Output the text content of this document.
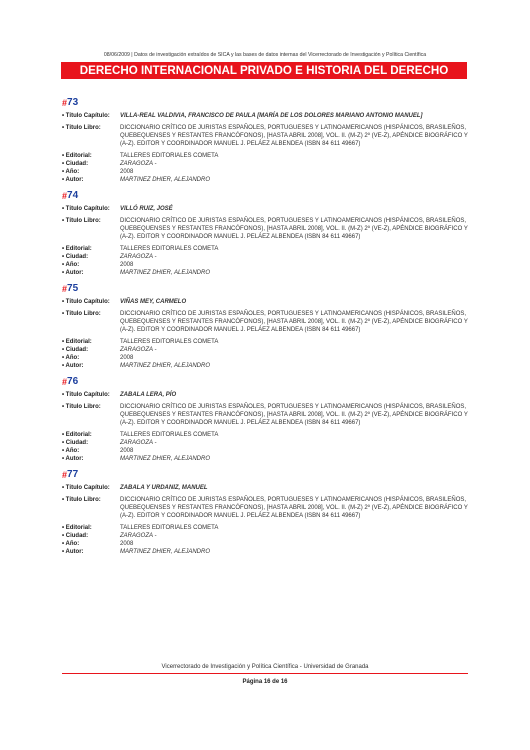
08/06/2009 | Datos de investigación extraídos de SICA y las bases de datos internas del Vicerrectorado de Investigación y Política Científica
DERECHO INTERNACIONAL PRIVADO E HISTORIA DEL DERECHO
# 73
• Título Capítulo:	VILLA-REAL VALDIVIA, FRANCISCO DE PAULA [MARÍA DE LOS DOLORES MARIANO ANTONIO MANUEL]
• Título Libro:	DICCIONARIO CRÍTICO DE JURISTAS ESPAÑOLES, PORTUGUESES Y LATINOAMERICANOS (HISPÁNICOS, BRASILEÑOS, QUEBEQUENSES Y RESTANTES FRANCÓFONOS), [HASTA ABRIL 2008], VOL. II. (M-Z) 2º (VE-Z), APÉNDICE BIOGRÁFICO Y (A-Z). EDITOR Y COORDINADOR MANUEL J. PELÁEZ ALBENDEA (ISBN 84 611 49667)
• Editorial:	TALLERES EDITORIALES COMETA
• Ciudad:	ZARAGOZA -
• Año:	2008
• Autor:	MARTINEZ DHIER, ALEJANDRO
# 74
• Título Capítulo:	VILLÓ RUIZ, JOSÉ
• Título Libro:	DICCIONARIO CRÍTICO DE JURISTAS ESPAÑOLES, PORTUGUESES Y LATINOAMERICANOS (HISPÁNICOS, BRASILEÑOS, QUEBEQUENSES Y RESTANTES FRANCÓFONOS), [HASTA ABRIL 2008], VOL. II. (M-Z) 2º (VE-Z), APÉNDICE BIOGRÁFICO Y (A-Z). EDITOR Y COORDINADOR MANUEL J. PELÁEZ ALBENDEA (ISBN 84 611 49667)
• Editorial:	TALLERES EDITORIALES COMETA
• Ciudad:	ZARAGOZA -
• Año:	2008
• Autor:	MARTINEZ DHIER, ALEJANDRO
# 75
• Título Capítulo:	VIÑAS MEY, CARMELO
• Título Libro:	DICCIONARIO CRÍTICO DE JURISTAS ESPAÑOLES, PORTUGUESES Y LATINOAMERICANOS (HISPÁNICOS, BRASILEÑOS, QUEBEQUENSES Y RESTANTES FRANCÓFONOS), [HASTA ABRIL 2008], VOL. II. (M-Z) 2º (VE-Z), APÉNDICE BIOGRÁFICO Y (A-Z). EDITOR Y COORDINADOR MANUEL J. PELÁEZ ALBENDEA (ISBN 84 611 49667)
• Editorial:	TALLERES EDITORIALES COMETA
• Ciudad:	ZARAGOZA -
• Año:	2008
• Autor:	MARTINEZ DHIER, ALEJANDRO
# 76
• Título Capítulo:	ZABALA LERA, PÍO
• Título Libro:	DICCIONARIO CRÍTICO DE JURISTAS ESPAÑOLES, PORTUGUESES Y LATINOAMERICANOS (HISPÁNICOS, BRASILEÑOS, QUEBEQUENSES Y RESTANTES FRANCÓFONOS), [HASTA ABRIL 2008], VOL. II. (M-Z) 2º (VE-Z), APÉNDICE BIOGRÁFICO Y (A-Z). EDITOR Y COORDINADOR MANUEL J. PELÁEZ ALBENDEA (ISBN 84 611 49667)
• Editorial:	TALLERES EDITORIALES COMETA
• Ciudad:	ZARAGOZA -
• Año:	2008
• Autor:	MARTINEZ DHIER, ALEJANDRO
# 77
• Título Capítulo:	ZABALA Y URDANIZ, MANUEL
• Título Libro:	DICCIONARIO CRÍTICO DE JURISTAS ESPAÑOLES, PORTUGUESES Y LATINOAMERICANOS (HISPÁNICOS, BRASILEÑOS, QUEBEQUENSES Y RESTANTES FRANCÓFONOS), [HASTA ABRIL 2008], VOL. II. (M-Z) 2º (VE-Z), APÉNDICE BIOGRÁFICO Y (A-Z). EDITOR Y COORDINADOR MANUEL J. PELÁEZ ALBENDEA (ISBN 84 611 49667)
• Editorial:	TALLERES EDITORIALES COMETA
• Ciudad:	ZARAGOZA -
• Año:	2008
• Autor:	MARTINEZ DHIER, ALEJANDRO
Vicerrectorado de Investigación y Política Científica - Universidad de Granada
Página 16 de 16
